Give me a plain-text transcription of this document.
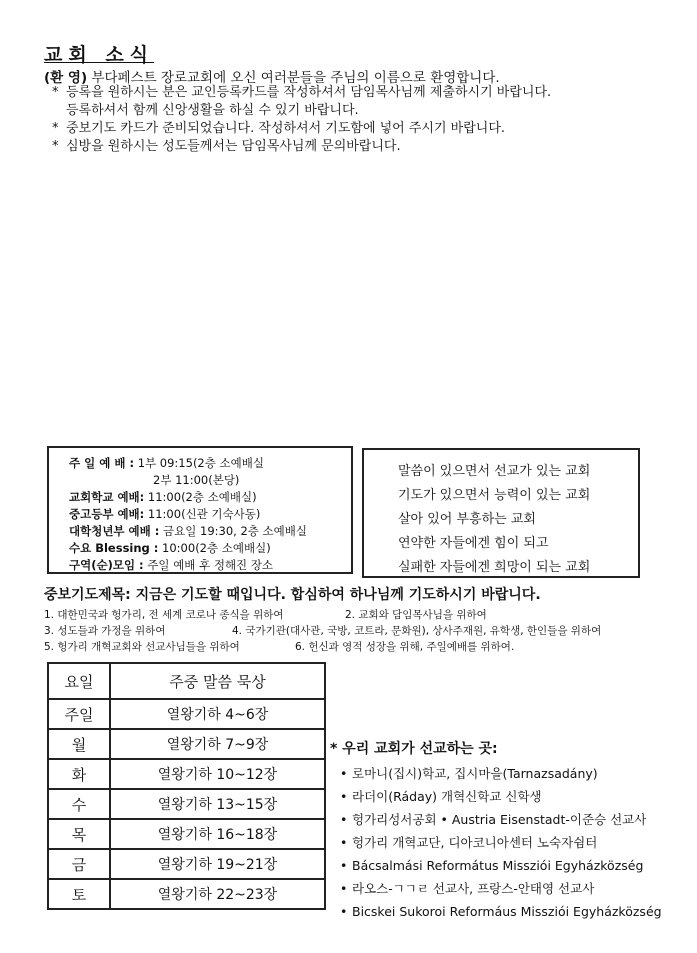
교회 소식
(환 영) 부다페스트 장로교회에 오신 여러분들을 주님의 이름으로 환영합니다.
* 등록을 원하시는 분은 교인등록카드를 작성하셔서 담임목사님께 제출하시기 바랍니다.
등록하셔서 함께 신앙생활을 하실 수 있기 바랍니다.
* 중보기도 카드가 준비되었습니다. 작성하셔서 기도함에 넣어 주시기 바랍니다.
* 심방을 원하시는 성도들께서는 담임목사님께 문의바랍니다.
주 일 예 배 : 1부 09:15(2층 소예배실
2부 11:00(본당)
교회학교 예배: 11:00(2층 소예배실)
중고등부 예배: 11:00(신관 기숙사동)
대학청년부 예배 : 금요일 19:30, 2층 소예배실
수요 Blessing : 10:00(2층 소예배실)
구역(순)모임 : 주일 예배 후 정해진 장소
말씀이 있으면서 선교가 있는 교회
기도가 있으면서 능력이 있는 교회
살아 있어 부흥하는 교회
연약한 자들에겐 힘이 되고
실패한 자들에겐 희망이 되는 교회
중보기도제목: 지금은 기도할 때입니다. 합심하여 하나님께 기도하시기 바랍니다.
1. 대한민국과 헝가리, 전 세계 코로나 종식을 위하여	2. 교회와 담임목사님을 위하여
3. 성도들과 가정을 위하여	4. 국가기관(대사관, 국방, 코트라, 문화원), 상사주재원, 유학생, 한인들을 위하여
5. 헝가리 개혁교회와 선교사님들을 위하여	6. 헌신과 영적 성장을 위해, 주일예배를 위하여.
요일	주중 말씀 묵상
주일	열왕기하 4~6장
월	열왕기하 7~9장
화	열왕기하 10~12장
수	열왕기하 13~15장
목	열왕기하 16~18장
금	열왕기하 19~21장
토	열왕기하 22~23장
* 우리 교회가 선교하는 곳:
• 로마니(집시)학교, 집시마을(Tarnazsadány)
• 라더이(Ráday) 개혁신학교 신학생
• 헝가리성서공회 • Austria Eisenstadt-이준승 선교사
• 헝가리 개혁교단, 디아코니아센터 노숙자쉼터
• Bácsalmási Református Missziói Egyházközség
• 라오스-ㄱㄱㄹ 선교사, 프랑스-안태영 선교사
• Bicskei Sukoroi Reformáus Missziói Egyházközség
